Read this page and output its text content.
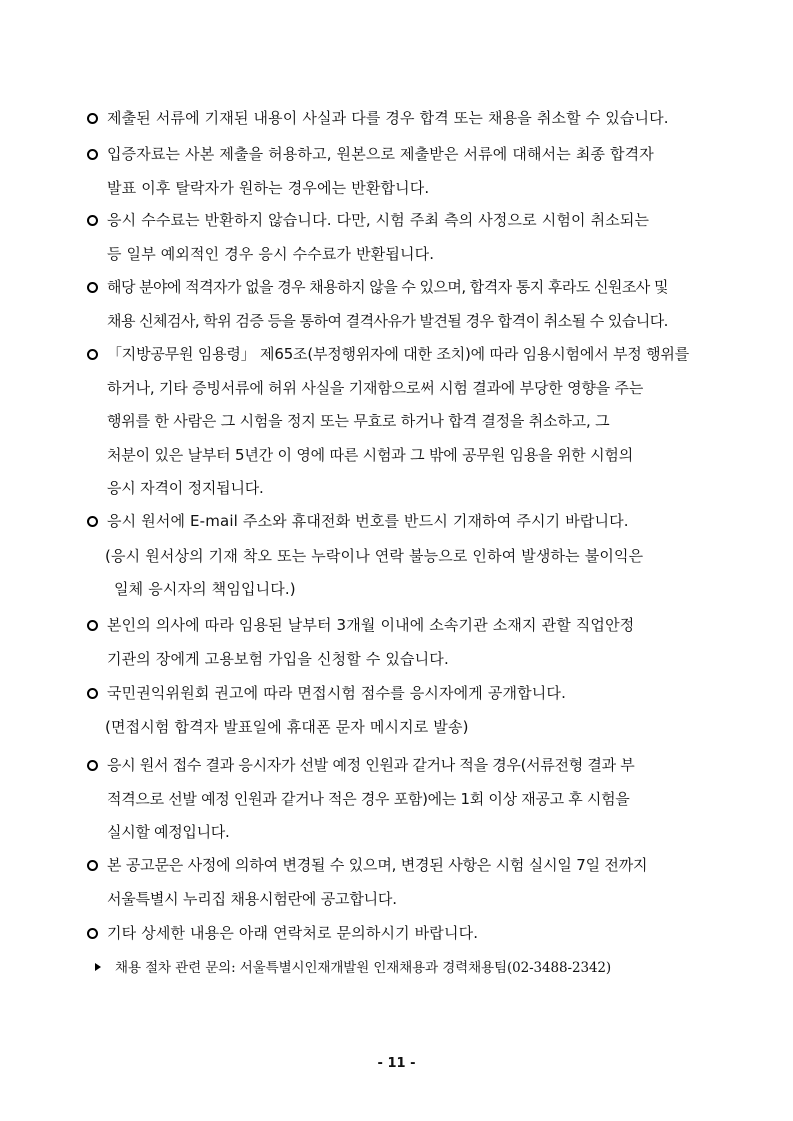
제출된 서류에 기재된 내용이 사실과 다를 경우 합격 또는 채용을 취소할 수 있습니다.
입증자료는 사본 제출을 허용하고, 원본으로 제출받은 서류에 대해서는 최종 합격자
발표 이후 탈락자가 원하는 경우에는 반환합니다.
응시 수수료는 반환하지 않습니다. 다만, 시험 주최 측의 사정으로 시험이 취소되는
등 일부 예외적인 경우 응시 수수료가 반환됩니다.
해당 분야에 적격자가 없을 경우 채용하지 않을 수 있으며, 합격자 통지 후라도 신원조사 및
채용 신체검사, 학위 검증 등을 통하여 결격사유가 발견될 경우 합격이 취소될 수 있습니다.
「지방공무원 임용령」 제65조(부정행위자에 대한 조치)에 따라 임용시험에서 부정 행위를
하거나, 기타 증빙서류에 허위 사실을 기재함으로써 시험 결과에 부당한 영향을 주는
행위를 한 사람은 그 시험을 정지 또는 무효로 하거나 합격 결정을 취소하고, 그
처분이 있은 날부터 5년간 이 영에 따른 시험과 그 밖에 공무원 임용을 위한 시험의
응시 자격이 정지됩니다.
응시 원서에 E-mail 주소와 휴대전화 번호를 반드시 기재하여 주시기 바랍니다.
(응시 원서상의 기재 착오 또는 누락이나 연락 불능으로 인하여 발생하는 불이익은
일체 응시자의 책임입니다.)
본인의 의사에 따라 임용된 날부터 3개월 이내에 소속기관 소재지 관할 직업안정
기관의 장에게 고용보험 가입을 신청할 수 있습니다.
국민권익위원회 권고에 따라 면접시험 점수를 응시자에게 공개합니다.
(면접시험 합격자 발표일에 휴대폰 문자 메시지로 발송)
응시 원서 접수 결과 응시자가 선발 예정 인원과 같거나 적을 경우(서류전형 결과 부
적격으로 선발 예정 인원과 같거나 적은 경우 포함)에는 1회 이상 재공고 후 시험을
실시할 예정입니다.
본 공고문은 사정에 의하여 변경될 수 있으며, 변경된 사항은 시험 실시일 7일 전까지
서울특별시 누리집 채용시험란에 공고합니다.
기타 상세한 내용은 아래 연락처로 문의하시기 바랍니다.
채용 절차 관련 문의: 서울특별시인재개발원 인재채용과 경력채용팀(02-3488-2342)
- 11 -
